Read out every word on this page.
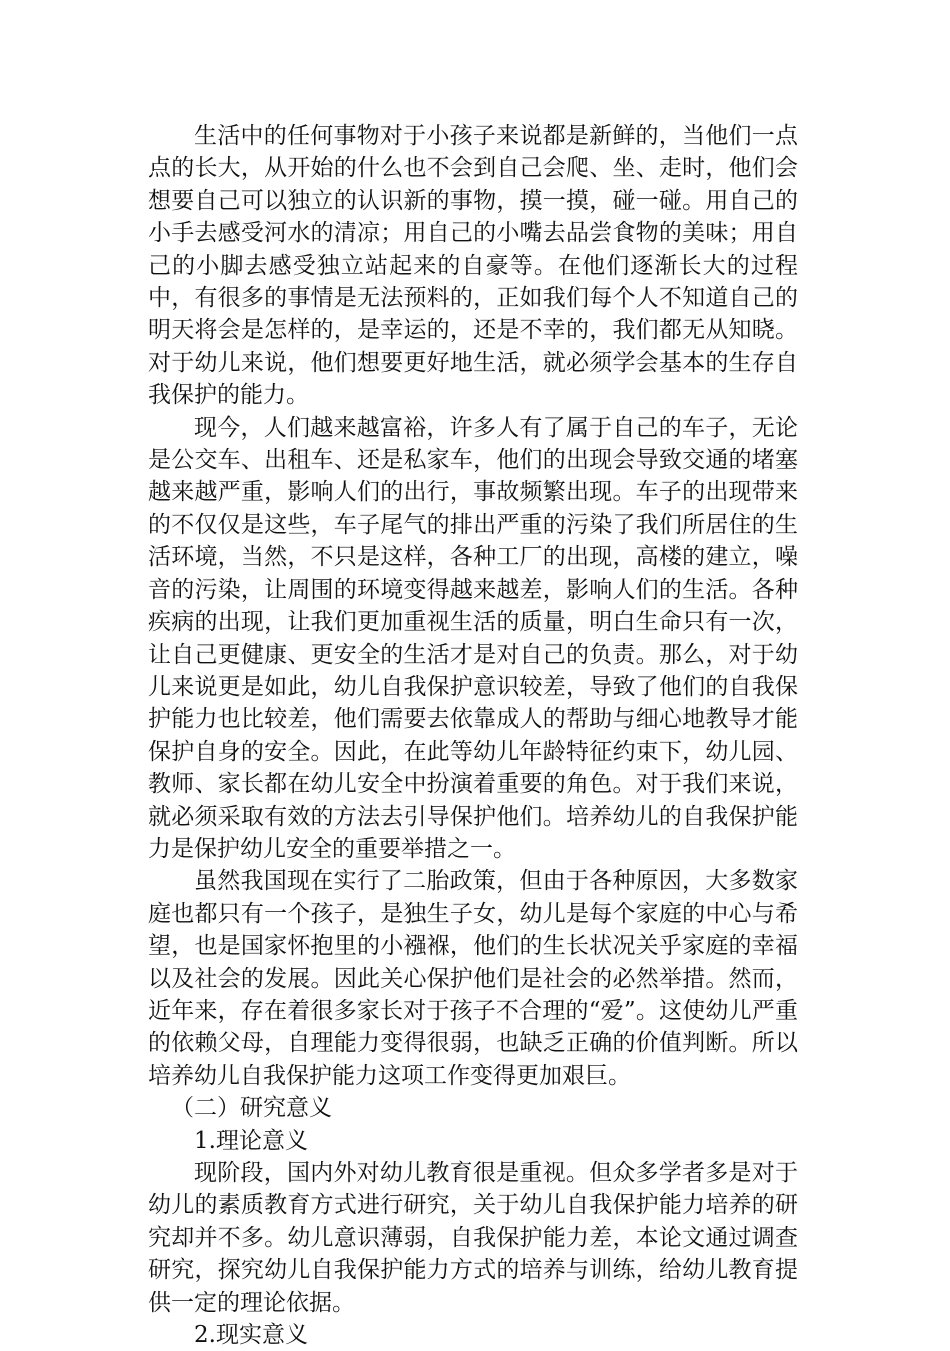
生活中的任何事物对于小孩子来说都是新鲜的，当他们一点点的长大，从开始的什么也不会到自己会爬、坐、走时，他们会想要自己可以独立的认识新的事物，摸一摸，碰一碰。用自己的小手去感受河水的清凉；用自己的小嘴去品尝食物的美味；用自己的小脚去感受独立站起来的自豪等。在他们逐渐长大的过程中，有很多的事情是无法预料的，正如我们每个人不知道自己的明天将会是怎样的，是幸运的，还是不幸的，我们都无从知晓。对于幼儿来说，他们想要更好地生活，就必须学会基本的生存自我保护的能力。

现今，人们越来越富裕，许多人有了属于自己的车子，无论是公交车、出租车、还是私家车，他们的出现会导致交通的堵塞越来越严重，影响人们的出行，事故频繁出现。车子的出现带来的不仅仅是这些，车子尾气的排出严重的污染了我们所居住的生活环境，当然，不只是这样，各种工厂的出现，高楼的建立，噪音的污染，让周围的环境变得越来越差，影响人们的生活。各种疾病的出现，让我们更加重视生活的质量，明白生命只有一次，让自己更健康、更安全的生活才是对自己的负责。那么，对于幼儿来说更是如此，幼儿自我保护意识较差，导致了他们的自我保护能力也比较差，他们需要去依靠成人的帮助与细心地教导才能保护自身的安全。因此，在此等幼儿年龄特征约束下，幼儿园、教师、家长都在幼儿安全中扮演着重要的角色。对于我们来说，就必须采取有效的方法去引导保护他们。培养幼儿的自我保护能力是保护幼儿安全的重要举措之一。

虽然我国现在实行了二胎政策，但由于各种原因，大多数家庭也都只有一个孩子，是独生子女，幼儿是每个家庭的中心与希望，也是国家怀抱里的小襁褓，他们的生长状况关乎家庭的幸福以及社会的发展。因此关心保护他们是社会的必然举措。然而，近年来，存在着很多家长对于孩子不合理的“爱”。这使幼儿严重的依赖父母，自理能力变得很弱，也缺乏正确的价值判断。所以培养幼儿自我保护能力这项工作变得更加艰巨。

（二）研究意义

1.理论意义

现阶段，国内外对幼儿教育很是重视。但众多学者多是对于幼儿的素质教育方式进行研究，关于幼儿自我保护能力培养的研究却并不多。幼儿意识薄弱，自我保护能力差，本论文通过调查研究，探究幼儿自我保护能力方式的培养与训练，给幼儿教育提供一定的理论依据。

2.现实意义
